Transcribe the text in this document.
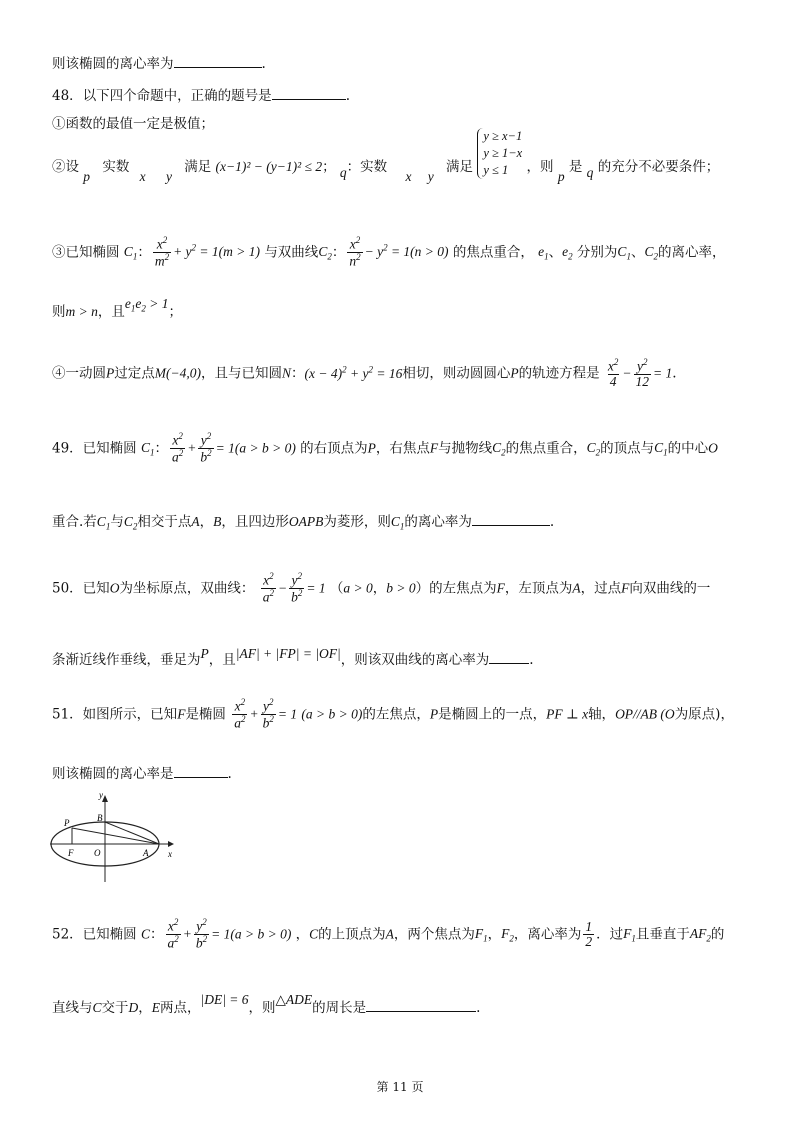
则该椭圆的离心率为	.
48．以下四个命题中，正确的题号是	.
①函数的最值一定是极值；
②设 p 实数 x y 满足 (x−1)² − (y−1)² ≤ 2； q：实数 x y 满足
y ≥ x−1
y ≥ 1−x
y ≤ 1	，则 p 是 q 的充分不必要条件；
③已知椭圆 $C_1$： $\frac{x^2}{m^2} + y^2 = 1(m > 1)$ 与双曲线$C_2$： $\frac{x^2}{n^2} - y^2 = 1(n > 0)$ 的焦点重合， $e_1$、$e_2$ 分别为$C_1$、$C_2$的离心率，
则m > n，且$e_1e_2 > 1$；
④一动圆P过定点M(−4,0)，且与已知圆N：$(x - 4)^2 + y^2 = 16$相切，则动圆圆心P的轨迹方程是 $\frac{x^2}{4} - \frac{y^2}{12} = 1$.
49．已知椭圆 $C_1$： $\frac{x^2}{a^2} + \frac{y^2}{b^2} = 1(a > b > 0)$ 的右顶点为P，右焦点F与抛物线$C_2$的焦点重合，$C_2$的顶点与$C_1$的中心O
重合.若$C_1$与$C_2$相交于点A，B，且四边形OAPB为菱形，则$C_1$的离心率为	.
50．已知O为坐标原点，双曲线： $\frac{x^2}{a^2} - \frac{y^2}{b^2} = 1$ （a > 0，b > 0）的左焦点为F，左顶点为A，过点F向双曲线的一
条渐近线作垂线，垂足为P，且|AF| + |FP| = |OF|，则该双曲线的离心率为	.
51．如图所示，已知F是椭圆 $\frac{x^2}{a^2} + \frac{y^2}{b^2} = 1$ (a > b > 0)的左焦点，P是椭圆上的一点，PF ⊥ x轴，OP//AB (O为原点)，
则该椭圆的离心率是	.
y
B
P
F O	A x
52．已知椭圆 C： $\frac{x^2}{a^2} + \frac{y^2}{b^2} = 1(a > b > 0)$ ，C的上顶点为A，两个焦点为$F_1$，$F_2$，离心率为 $\frac{1}{2}$ ．过$F_1$且垂直于$AF_2$的
直线与C交于D，E两点，|DE| = 6，则△ADE的周长是	.
第 11 页
